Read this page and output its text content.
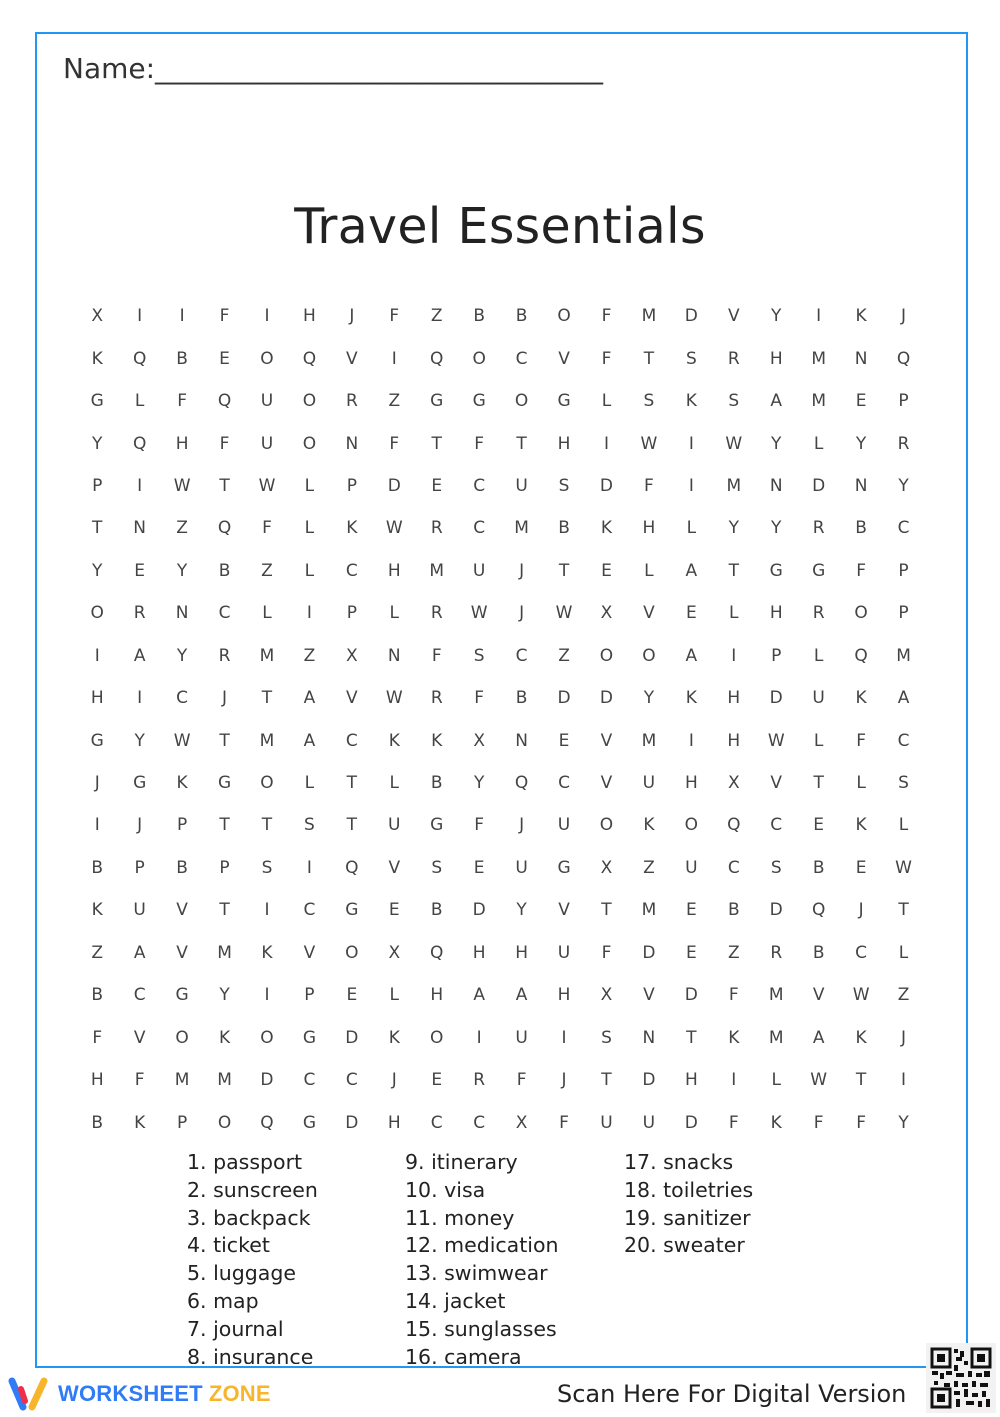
Name:________________________________
Travel Essentials
X	I	I	F	I	H	J	F	Z	B	B	O	F	M	D	V	Y	I	K	J
K	Q	B	E	O	Q	V	I	Q	O	C	V	F	T	S	R	H	M	N	Q
G	L	F	Q	U	O	R	Z	G	G	O	G	L	S	K	S	A	M	E	P
Y	Q	H	F	U	O	N	F	T	F	T	H	I	W	I	W	Y	L	Y	R
P	I	W	T	W	L	P	D	E	C	U	S	D	F	I	M	N	D	N	Y
T	N	Z	Q	F	L	K	W	R	C	M	B	K	H	L	Y	Y	R	B	C
Y	E	Y	B	Z	L	C	H	M	U	J	T	E	L	A	T	G	G	F	P
O	R	N	C	L	I	P	L	R	W	J	W	X	V	E	L	H	R	O	P
I	A	Y	R	M	Z	X	N	F	S	C	Z	O	O	A	I	P	L	Q	M
H	I	C	J	T	A	V	W	R	F	B	D	D	Y	K	H	D	U	K	A
G	Y	W	T	M	A	C	K	K	X	N	E	V	M	I	H	W	L	F	C
J	G	K	G	O	L	T	L	B	Y	Q	C	V	U	H	X	V	T	L	S
I	J	P	T	T	S	T	U	G	F	J	U	O	K	O	Q	C	E	K	L
B	P	B	P	S	I	Q	V	S	E	U	G	X	Z	U	C	S	B	E	W
K	U	V	T	I	C	G	E	B	D	Y	V	T	M	E	B	D	Q	J	T
Z	A	V	M	K	V	O	X	Q	H	H	U	F	D	E	Z	R	B	C	L
B	C	G	Y	I	P	E	L	H	A	A	H	X	V	D	F	M	V	W	Z
F	V	O	K	O	G	D	K	O	I	U	I	S	N	T	K	M	A	K	J
H	F	M	M	D	C	C	J	E	R	F	J	T	D	H	I	L	W	T	I
B	K	P	O	Q	G	D	H	C	C	X	F	U	U	D	F	K	F	F	Y
1. passport
2. sunscreen
3. backpack
4. ticket
5. luggage
6. map
7. journal
8. insurance
9. itinerary
10. visa
11. money
12. medication
13. swimwear
14. jacket
15. sunglasses
16. camera
17. snacks
18. toiletries
19. sanitizer
20. sweater
WORKSHEET ZONE	Scan Here For Digital Version
